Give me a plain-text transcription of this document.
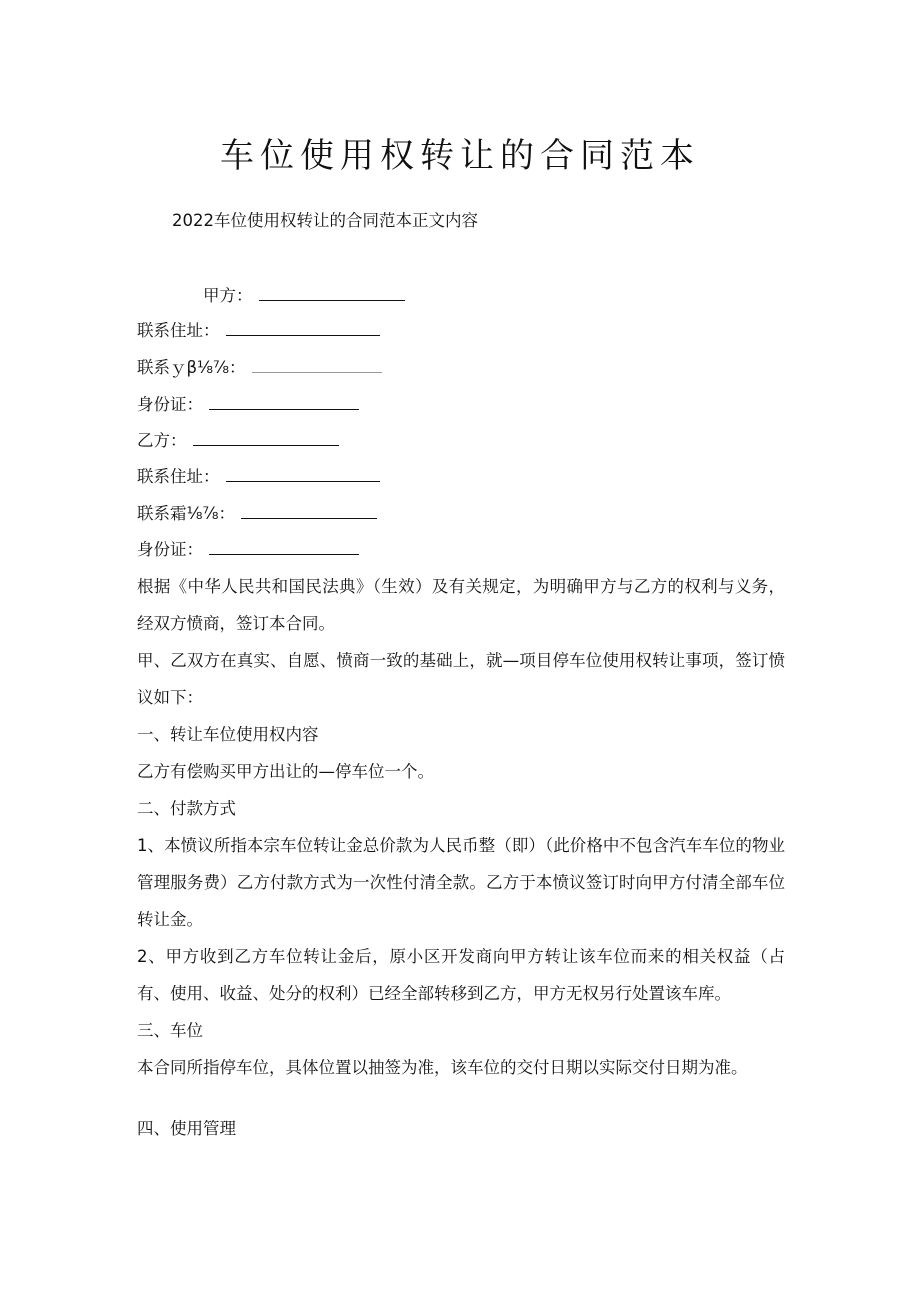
车位使用权转让的合同范本
2022车位使用权转让的合同范本正文内容
甲方：
联系住址：
联系ｙβ⅛⅞：
身份证：
乙方：
联系住址：
联系霜⅛⅞：
身份证：
根据《中华人民共和国民法典》（生效）及有关规定，为明确甲方与乙方的权利与义务，经双方愤商，签订本合同。
甲、乙双方在真实、自愿、愤商一致的基础上，就—项目停车位使用权转让事项，签订愤议如下：
一、转让车位使用权内容
乙方有偿购买甲方出让的—停车位一个。
二、付款方式
1、本愤议所指本宗车位转让金总价款为人民币整（即）（此价格中不包含汽车车位的物业管理服务费）乙方付款方式为一次性付清全款。乙方于本愤议签订时向甲方付清全部车位转让金。
2、甲方收到乙方车位转让金后，原小区开发商向甲方转让该车位而来的相关权益（占有、使用、收益、处分的权利）已经全部转移到乙方，甲方无权另行处置该车库。
三、车位
本合同所指停车位，具体位置以抽签为准，该车位的交付日期以实际交付日期为准。
四、使用管理
